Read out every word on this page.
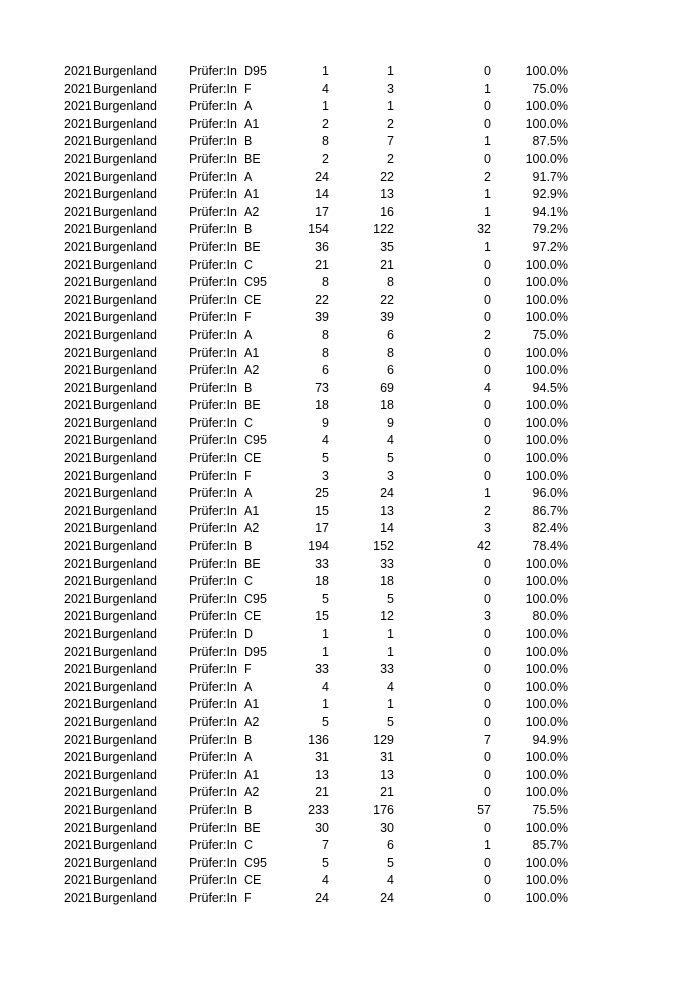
2021 Burgenland	Prüfer:In D95	1	1	0	100.0%
2021 Burgenland	Prüfer:In F	4	3	1	75.0%
2021 Burgenland	Prüfer:In A	1	1	0	100.0%
2021 Burgenland	Prüfer:In A1	2	2	0	100.0%
2021 Burgenland	Prüfer:In B	8	7	1	87.5%
2021 Burgenland	Prüfer:In BE	2	2	0	100.0%
2021 Burgenland	Prüfer:In A	24	22	2	91.7%
2021 Burgenland	Prüfer:In A1	14	13	1	92.9%
2021 Burgenland	Prüfer:In A2	17	16	1	94.1%
2021 Burgenland	Prüfer:In B	154	122	32	79.2%
2021 Burgenland	Prüfer:In BE	36	35	1	97.2%
2021 Burgenland	Prüfer:In C	21	21	0	100.0%
2021 Burgenland	Prüfer:In C95	8	8	0	100.0%
2021 Burgenland	Prüfer:In CE	22	22	0	100.0%
2021 Burgenland	Prüfer:In F	39	39	0	100.0%
2021 Burgenland	Prüfer:In A	8	6	2	75.0%
2021 Burgenland	Prüfer:In A1	8	8	0	100.0%
2021 Burgenland	Prüfer:In A2	6	6	0	100.0%
2021 Burgenland	Prüfer:In B	73	69	4	94.5%
2021 Burgenland	Prüfer:In BE	18	18	0	100.0%
2021 Burgenland	Prüfer:In C	9	9	0	100.0%
2021 Burgenland	Prüfer:In C95	4	4	0	100.0%
2021 Burgenland	Prüfer:In CE	5	5	0	100.0%
2021 Burgenland	Prüfer:In F	3	3	0	100.0%
2021 Burgenland	Prüfer:In A	25	24	1	96.0%
2021 Burgenland	Prüfer:In A1	15	13	2	86.7%
2021 Burgenland	Prüfer:In A2	17	14	3	82.4%
2021 Burgenland	Prüfer:In B	194	152	42	78.4%
2021 Burgenland	Prüfer:In BE	33	33	0	100.0%
2021 Burgenland	Prüfer:In C	18	18	0	100.0%
2021 Burgenland	Prüfer:In C95	5	5	0	100.0%
2021 Burgenland	Prüfer:In CE	15	12	3	80.0%
2021 Burgenland	Prüfer:In D	1	1	0	100.0%
2021 Burgenland	Prüfer:In D95	1	1	0	100.0%
2021 Burgenland	Prüfer:In F	33	33	0	100.0%
2021 Burgenland	Prüfer:In A	4	4	0	100.0%
2021 Burgenland	Prüfer:In A1	1	1	0	100.0%
2021 Burgenland	Prüfer:In A2	5	5	0	100.0%
2021 Burgenland	Prüfer:In B	136	129	7	94.9%
2021 Burgenland	Prüfer:In A	31	31	0	100.0%
2021 Burgenland	Prüfer:In A1	13	13	0	100.0%
2021 Burgenland	Prüfer:In A2	21	21	0	100.0%
2021 Burgenland	Prüfer:In B	233	176	57	75.5%
2021 Burgenland	Prüfer:In BE	30	30	0	100.0%
2021 Burgenland	Prüfer:In C	7	6	1	85.7%
2021 Burgenland	Prüfer:In C95	5	5	0	100.0%
2021 Burgenland	Prüfer:In CE	4	4	0	100.0%
2021 Burgenland	Prüfer:In F	24	24	0	100.0%
